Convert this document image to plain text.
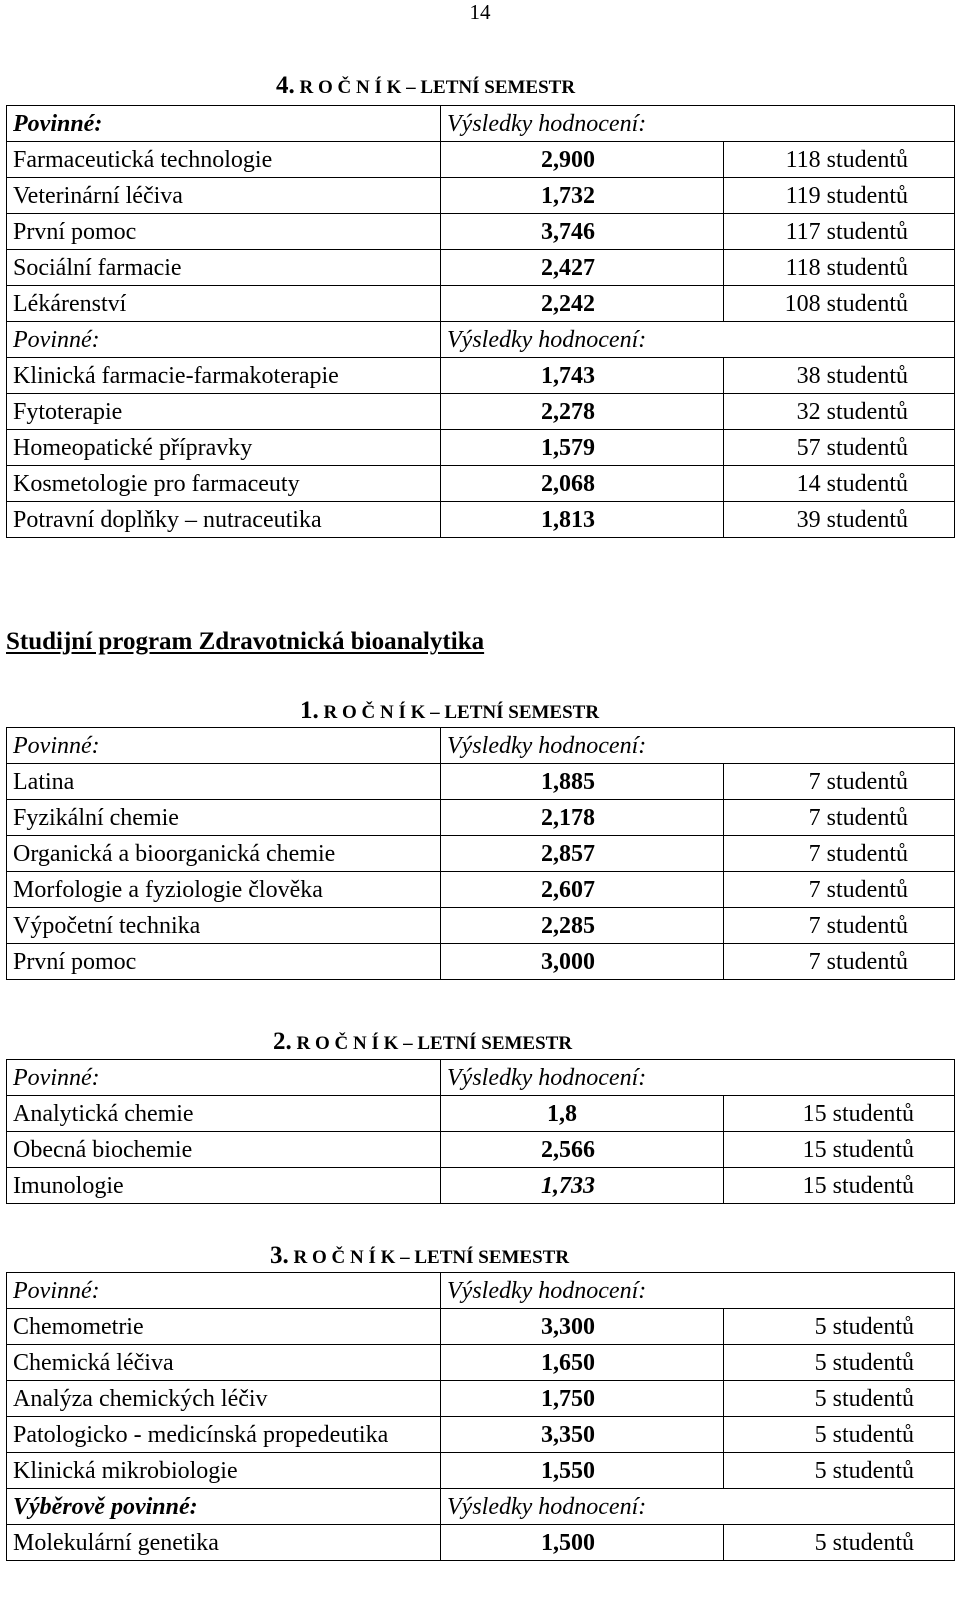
14
4. R O Č N Í K – LETNÍ SEMESTR
Povinné:	Výsledky hodnocení:	
Farmaceutická technologie	2,900	118 studentů
Veterinární léčiva	1,732	119 studentů
První pomoc	3,746	117 studentů
Sociální farmacie	2,427	118 studentů
Lékárenství	2,242	108 studentů
Povinné:	Výsledky hodnocení:	
Klinická farmacie-farmakoterapie	1,743	38 studentů
Fytoterapie	2,278	32 studentů
Homeopatické přípravky	1,579	57 studentů
Kosmetologie pro farmaceuty	2,068	14 studentů
Potravní doplňky – nutraceutika	1,813	39 studentů
Studijní program Zdravotnická bioanalytika
1. R O Č N Í K – LETNÍ SEMESTR
Povinné:	Výsledky hodnocení:	
Latina	1,885	7 studentů
Fyzikální chemie	2,178	7 studentů
Organická a bioorganická chemie	2,857	7 studentů
Morfologie a fyziologie člověka	2,607	7 studentů
Výpočetní technika	2,285	7 studentů
První pomoc	3,000	7 studentů
2. R O Č N Í K – LETNÍ SEMESTR
Povinné:	Výsledky hodnocení:	
Analytická chemie	1,8	15 studentů
Obecná biochemie	2,566	15 studentů
Imunologie	1,733	15 studentů
3. R O Č N Í K – LETNÍ SEMESTR
Povinné:	Výsledky hodnocení:	
Chemometrie	3,300	5 studentů
Chemická léčiva	1,650	5 studentů
Analýza chemických léčiv	1,750	5 studentů
Patologicko - medicínská propedeutika	3,350	5 studentů
Klinická mikrobiologie	1,550	5 studentů
Výběrově povinné:	Výsledky hodnocení:	
Molekulární genetika	1,500	5 studentů
